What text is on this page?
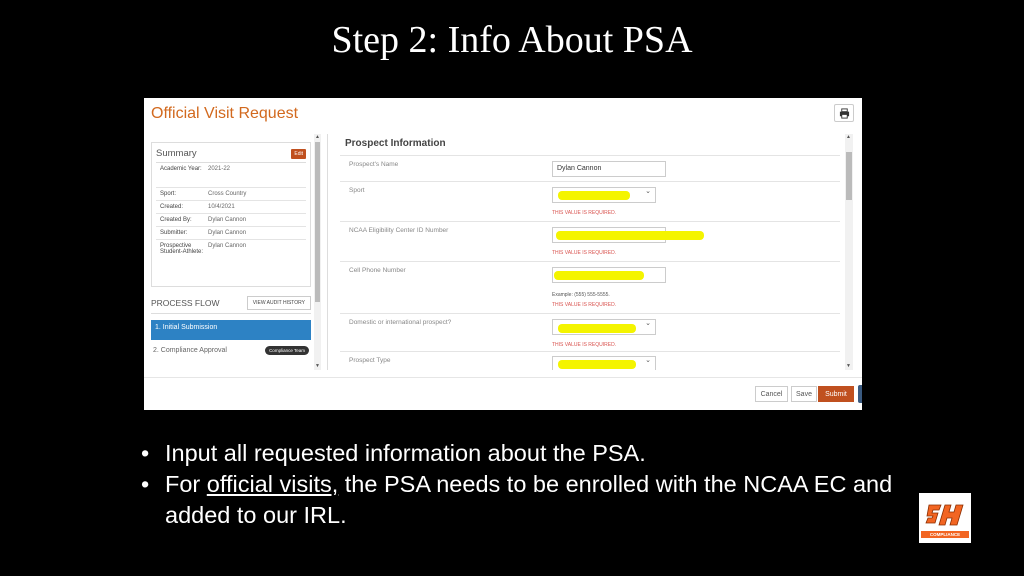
Step 2: Info About PSA
Official Visit Request
Summary	Edit
Academic Year:	2021-22
Sport:	Cross Country
Created:	10/4/2021
Created By:	Dylan Cannon
Submitter:	Dylan Cannon
Prospective Student-Athlete:
Dylan Cannon
PROCESS FLOW	VIEW AUDIT HISTORY
1. Initial Submission
2. Compliance Approval	Compliance Team
▲
▼
Prospect Information
Prospect's Name
Dylan Cannon
Sport
⌄
THIS VALUE IS REQUIRED.
NCAA Eligibility Center ID Number
THIS VALUE IS REQUIRED.
Cell Phone Number
Example: (555) 555-5555.
THIS VALUE IS REQUIRED.
Domestic or international prospect?
⌄
THIS VALUE IS REQUIRED.
Prospect Type
⌄
▲
▼
Cancel	Save	Submit
• Input all requested information about the PSA.
• For official visits, the PSA needs to be enrolled with the NCAA EC and added to our IRL.
COMPLIANCE
